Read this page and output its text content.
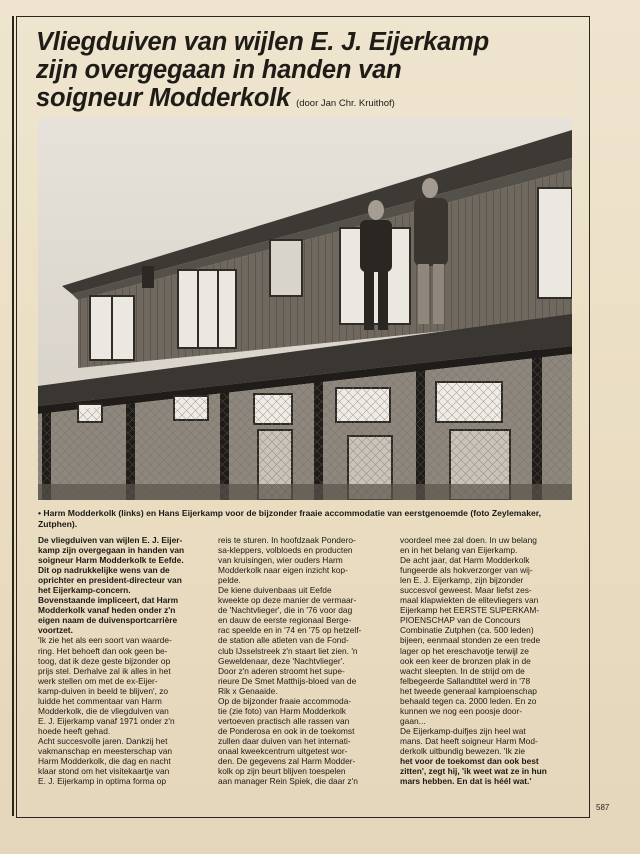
Vliegduiven van wijlen E. J. Eijerkamp
zijn overgegaan in handen van
soigneur Modderkolk (door Jan Chr. Kruithof)
• Harm Modderkolk (links) en Hans Eijerkamp voor de bijzonder fraaie accommodatie van eerstgenoemde (foto Zeylemaker, Zutphen).

De vliegduiven van wijlen E. J. Eijer-

kamp zijn overgegaan in handen van

soigneur Harm Modderkolk te Eefde.

Dit op nadrukkelijke wens van de

oprichter en president-directeur van

het Eijerkamp-concern.

Bovenstaande impliceert, dat Harm

Modderkolk vanaf heden onder z'n

eigen naam de duivensportcarrière

voortzet.

'Ik zie het als een soort van waarde-

ring. Het behoeft dan ook geen be-

toog, dat ik deze geste bijzonder op

prijs stel. Derhalve zal ik alles in het

werk stellen om met de ex-Eijer-

kamp-duiven in beeld te blijven', zo

luidde het commentaar van Harm

Modderkolk, die de vliegduiven van

E. J. Eijerkamp vanaf 1971 onder z'n

hoede heeft gehad.

Acht succesvolle jaren. Dankzij het

vakmanschap en meesterschap van

Harm Modderkolk, die dag en nacht

klaar stond om het visitekaartje van

E. J. Eijerkamp in optima forma op

reis te sturen. In hoofdzaak Pondero-

sa-kleppers, volbloeds en producten

van kruisingen, wier ouders Harm

Modderkolk naar eigen inzicht kop-

pelde.

De kiene duivenbaas uit Eefde

kweekte op deze manier de vermaar-

de 'Nachtvlieger', die in '76 voor dag

en dauw de eerste regionaal Berge-

rac speelde en in '74 en '75 op hetzelf-

de station alle atleten van de Fond-

club IJsselstreek z'n staart liet zien. 'n

Geweldenaar, deze 'Nachtvlieger'.

Door z'n aderen stroomt het supe-

rieure De Smet Matthijs-bloed van de

Rik x Genaaide.

Op de bijzonder fraaie accommoda-

tie (zie foto) van Harm Modderkolk

vertoeven practisch alle rassen van

de Ponderosa en ook in de toekomst

zullen daar duiven van het internati-

onaal kweekcentrum uitgetest wor-

den. De gegevens zal Harm Modder-

kolk op zijn beurt blijven toespelen

aan manager Rein Spiek, die daar z'n

voordeel mee zal doen. In uw belang

en in het belang van Eijerkamp.

De acht jaar, dat Harm Modderkolk

fungeerde als hokverzorger van wij-

len E. J. Eijerkamp, zijn bijzonder

succesvol geweest. Maar liefst zes-

maal klapwiekten de elitevliegers van

Eijerkamp het EERSTE SUPERKAM-

PIOENSCHAP van de Concours

Combinatie Zutphen (ca. 500 leden)

bijeen, eenmaal stonden ze een trede

lager op het ereschavotje terwijl ze

ook een keer de bronzen plak in de

wacht sleepten. In de strijd om de

felbegeerde Sallandtitel werd in '78

het tweede generaal kampioenschap

behaald tegen ca. 2000 leden. En zo

kunnen we nog een poosje door-

gaan...

De Eijerkamp-duifjes zijn heel wat

mans. Dat heeft soigneur Harm Mod-

derkolk uitbundig bewezen. 'Ik zie

het voor de toekomst dan ook best

zitten', zegt hij, 'ik weet wat ze in hun

mars hebben. En dat is héél wat.'

587
